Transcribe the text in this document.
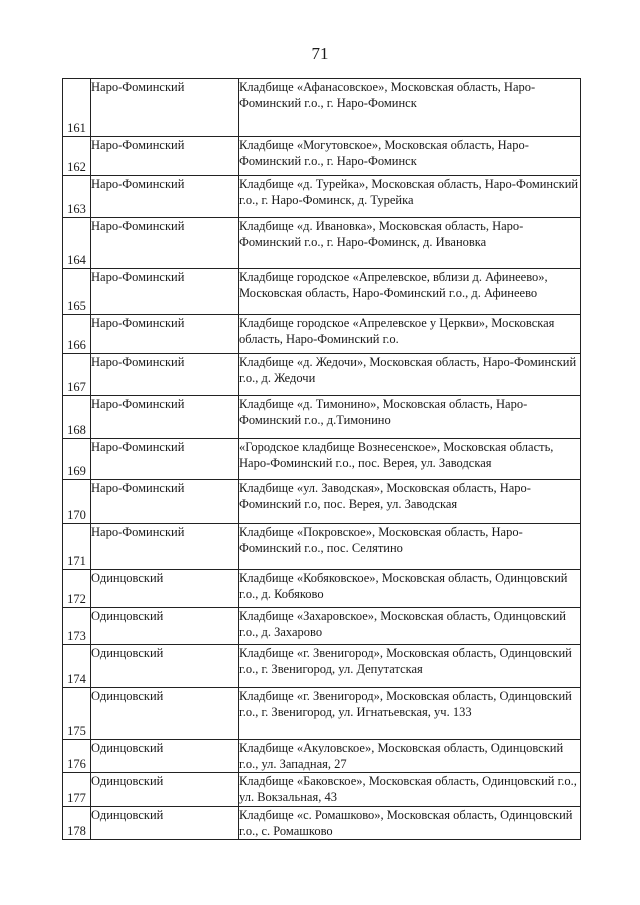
71
161	Наро-Фоминский	Кладбище «Афанасовское», Московская область, Наро-Фоминский г.о., г. Наро-Фоминск
162	Наро-Фоминский	Кладбище «Могутовское», Московская область, Наро-Фоминский г.о., г. Наро-Фоминск
163	Наро-Фоминский	Кладбище «д. Турейка», Московская область, Наро-Фоминский г.о., г. Наро-Фоминск, д. Турейка
164	Наро-Фоминский	Кладбище «д. Ивановка», Московская область, Наро-Фоминский г.о., г. Наро-Фоминск, д. Ивановка
165	Наро-Фоминский	Кладбище городское «Апрелевское, вблизи д. Афинеево», Московская область, Наро-Фоминский г.о., д. Афинеево
166	Наро-Фоминский	Кладбище городское «Апрелевское у Церкви», Московская область, Наро-Фоминский г.о.
167	Наро-Фоминский	Кладбище «д. Жедочи», Московская область, Наро-Фоминский г.о., д. Жедочи
168	Наро-Фоминский	Кладбище «д. Тимонино», Московская область, Наро-Фоминский г.о., д.Тимонино
169	Наро-Фоминский	«Городское кладбище Вознесенское», Московская область, Наро-Фоминский г.о., пос. Верея, ул. Заводская
170	Наро-Фоминский	Кладбище «ул. Заводская», Московская область, Наро-Фоминский г.о, пос. Верея, ул. Заводская
171	Наро-Фоминский	Кладбище «Покровское», Московская область, Наро-Фоминский г.о., пос. Селятино
172	Одинцовский	Кладбище «Кобяковское», Московская область, Одинцовский г.о., д. Кобяково
173	Одинцовский	Кладбище «Захаровское», Московская область, Одинцовский г.о., д. Захарово
174	Одинцовский	Кладбище «г. Звенигород», Московская область, Одинцовский г.о., г. Звенигород, ул. Депутатская
175	Одинцовский	Кладбище «г. Звенигород», Московская область, Одинцовский г.о., г. Звенигород, ул. Игнатьевская, уч. 133
176	Одинцовский	Кладбище «Акуловское», Московская область, Одинцовский г.о., ул. Западная, 27
177	Одинцовский	Кладбище «Баковское», Московская область, Одинцовский г.о., ул. Вокзальная, 43
178	Одинцовский	Кладбище «с. Ромашково», Московская область, Одинцовский г.о., с. Ромашково
